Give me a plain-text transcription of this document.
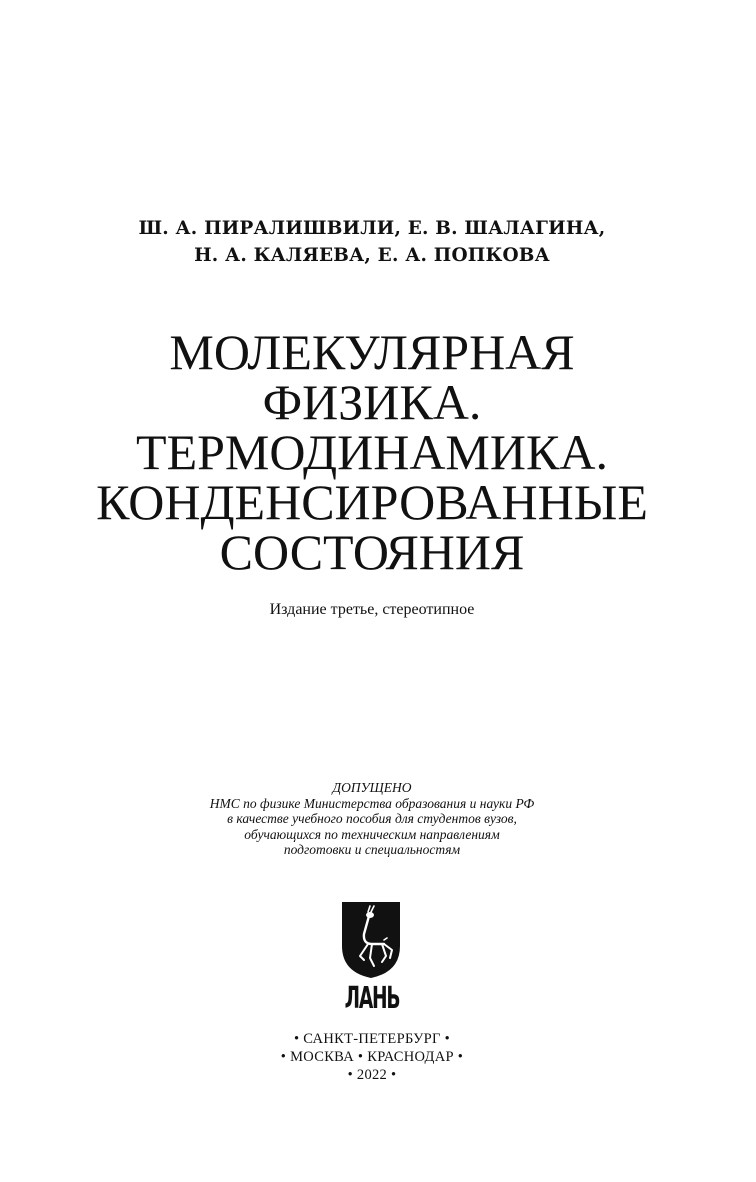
Ш. А. ПИРАЛИШВИЛИ, Е. В. ШАЛАГИНА,
Н. А. КАЛЯЕВА, Е. А. ПОПКОВА
МОЛЕКУЛЯРНАЯ
ФИЗИКА.
ТЕРМОДИНАМИКА.
КОНДЕНСИРОВАННЫЕ
СОСТОЯНИЯ
Издание третье, стереотипное
ДОПУЩЕНО
НМС по физике Министерства образования и науки РФ
в качестве учебного пособия для студентов вузов,
обучающихся по техническим направлениям
подготовки и специальностям
ЛАНЬ
• САНКТ-ПЕТЕРБУРГ •
• МОСКВА • КРАСНОДАР •
• 2022 •
